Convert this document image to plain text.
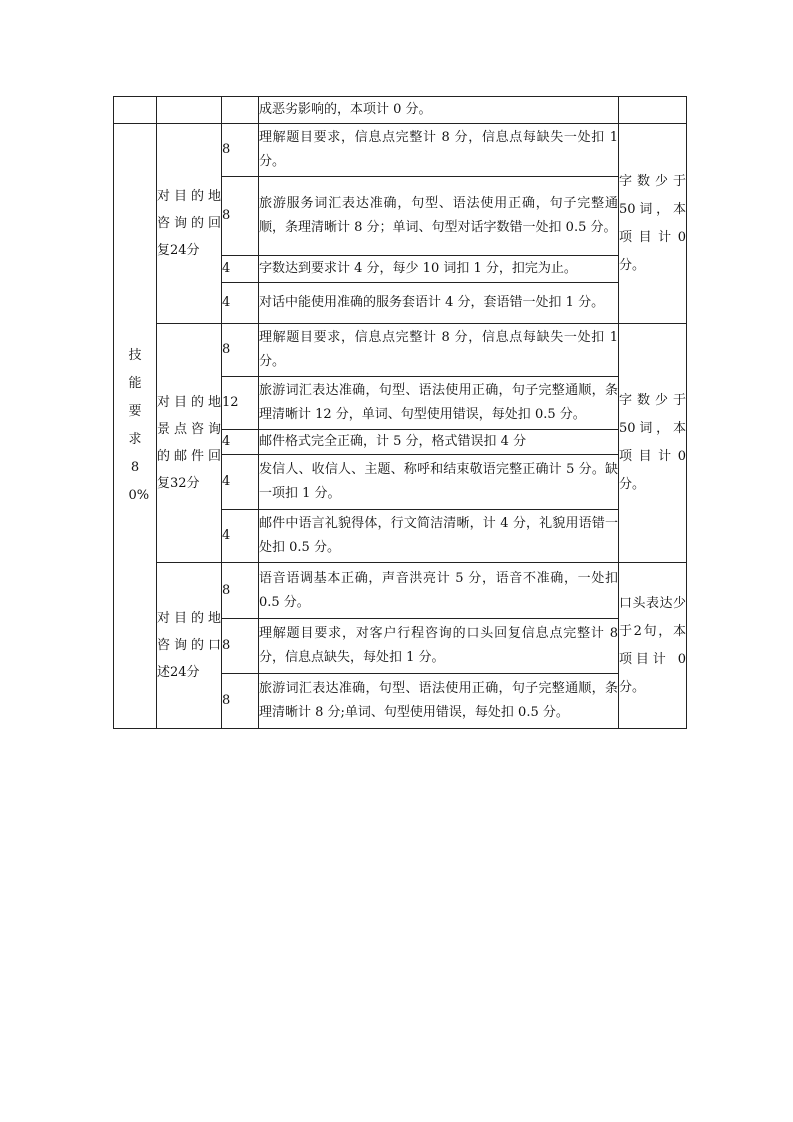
			成恶劣影响的，本项计 0 分。	
技能要求80%	对目的地咨询的回复24分	8	理解题目要求，信息点完整计 8 分，信息点每缺失一处扣 1 分。	字数少于50词，本项目计0分。
		8	旅游服务词汇表达准确，句型、语法使用正确，句子完整通顺，条理清晰计 8 分；单词、句型对话字数错一处扣 0.5 分。	
		4	字数达到要求计 4 分，每少 10 词扣 1 分，扣完为止。	
		4	对话中能使用准确的服务套语计 4 分，套语错一处扣 1 分。	
	对目的地景点咨询的邮件回复32分	8	理解题目要求，信息点完整计 8 分，信息点每缺失一处扣 1 分。	字数少于50词，本项目计0分。
		12	旅游词汇表达准确，句型、语法使用正确，句子完整通顺，条理清晰计 12 分，单词、句型使用错误，每处扣 0.5 分。	
		4	邮件格式完全正确，计 5 分，格式错误扣 4 分	
		4	发信人、收信人、主题、称呼和结束敬语完整正确计 5 分。缺一项扣 1 分。	
		4	邮件中语言礼貌得体，行文简洁清晰，计 4 分，礼貌用语错一处扣 0.5 分。	
	对目的地咨询的口述24分	8	语音语调基本正确，声音洪亮计 5 分，语音不准确，一处扣 0.5 分。	口头表达少于2句，本项目计 0分。
		8	理解题目要求，对客户行程咨询的口头回复信息点完整计 8 分，信息点缺失，每处扣 1 分。	
		8	旅游词汇表达准确，句型、语法使用正确，句子完整通顺，条理清晰计 8 分;单词、句型使用错误，每处扣 0.5 分。	
